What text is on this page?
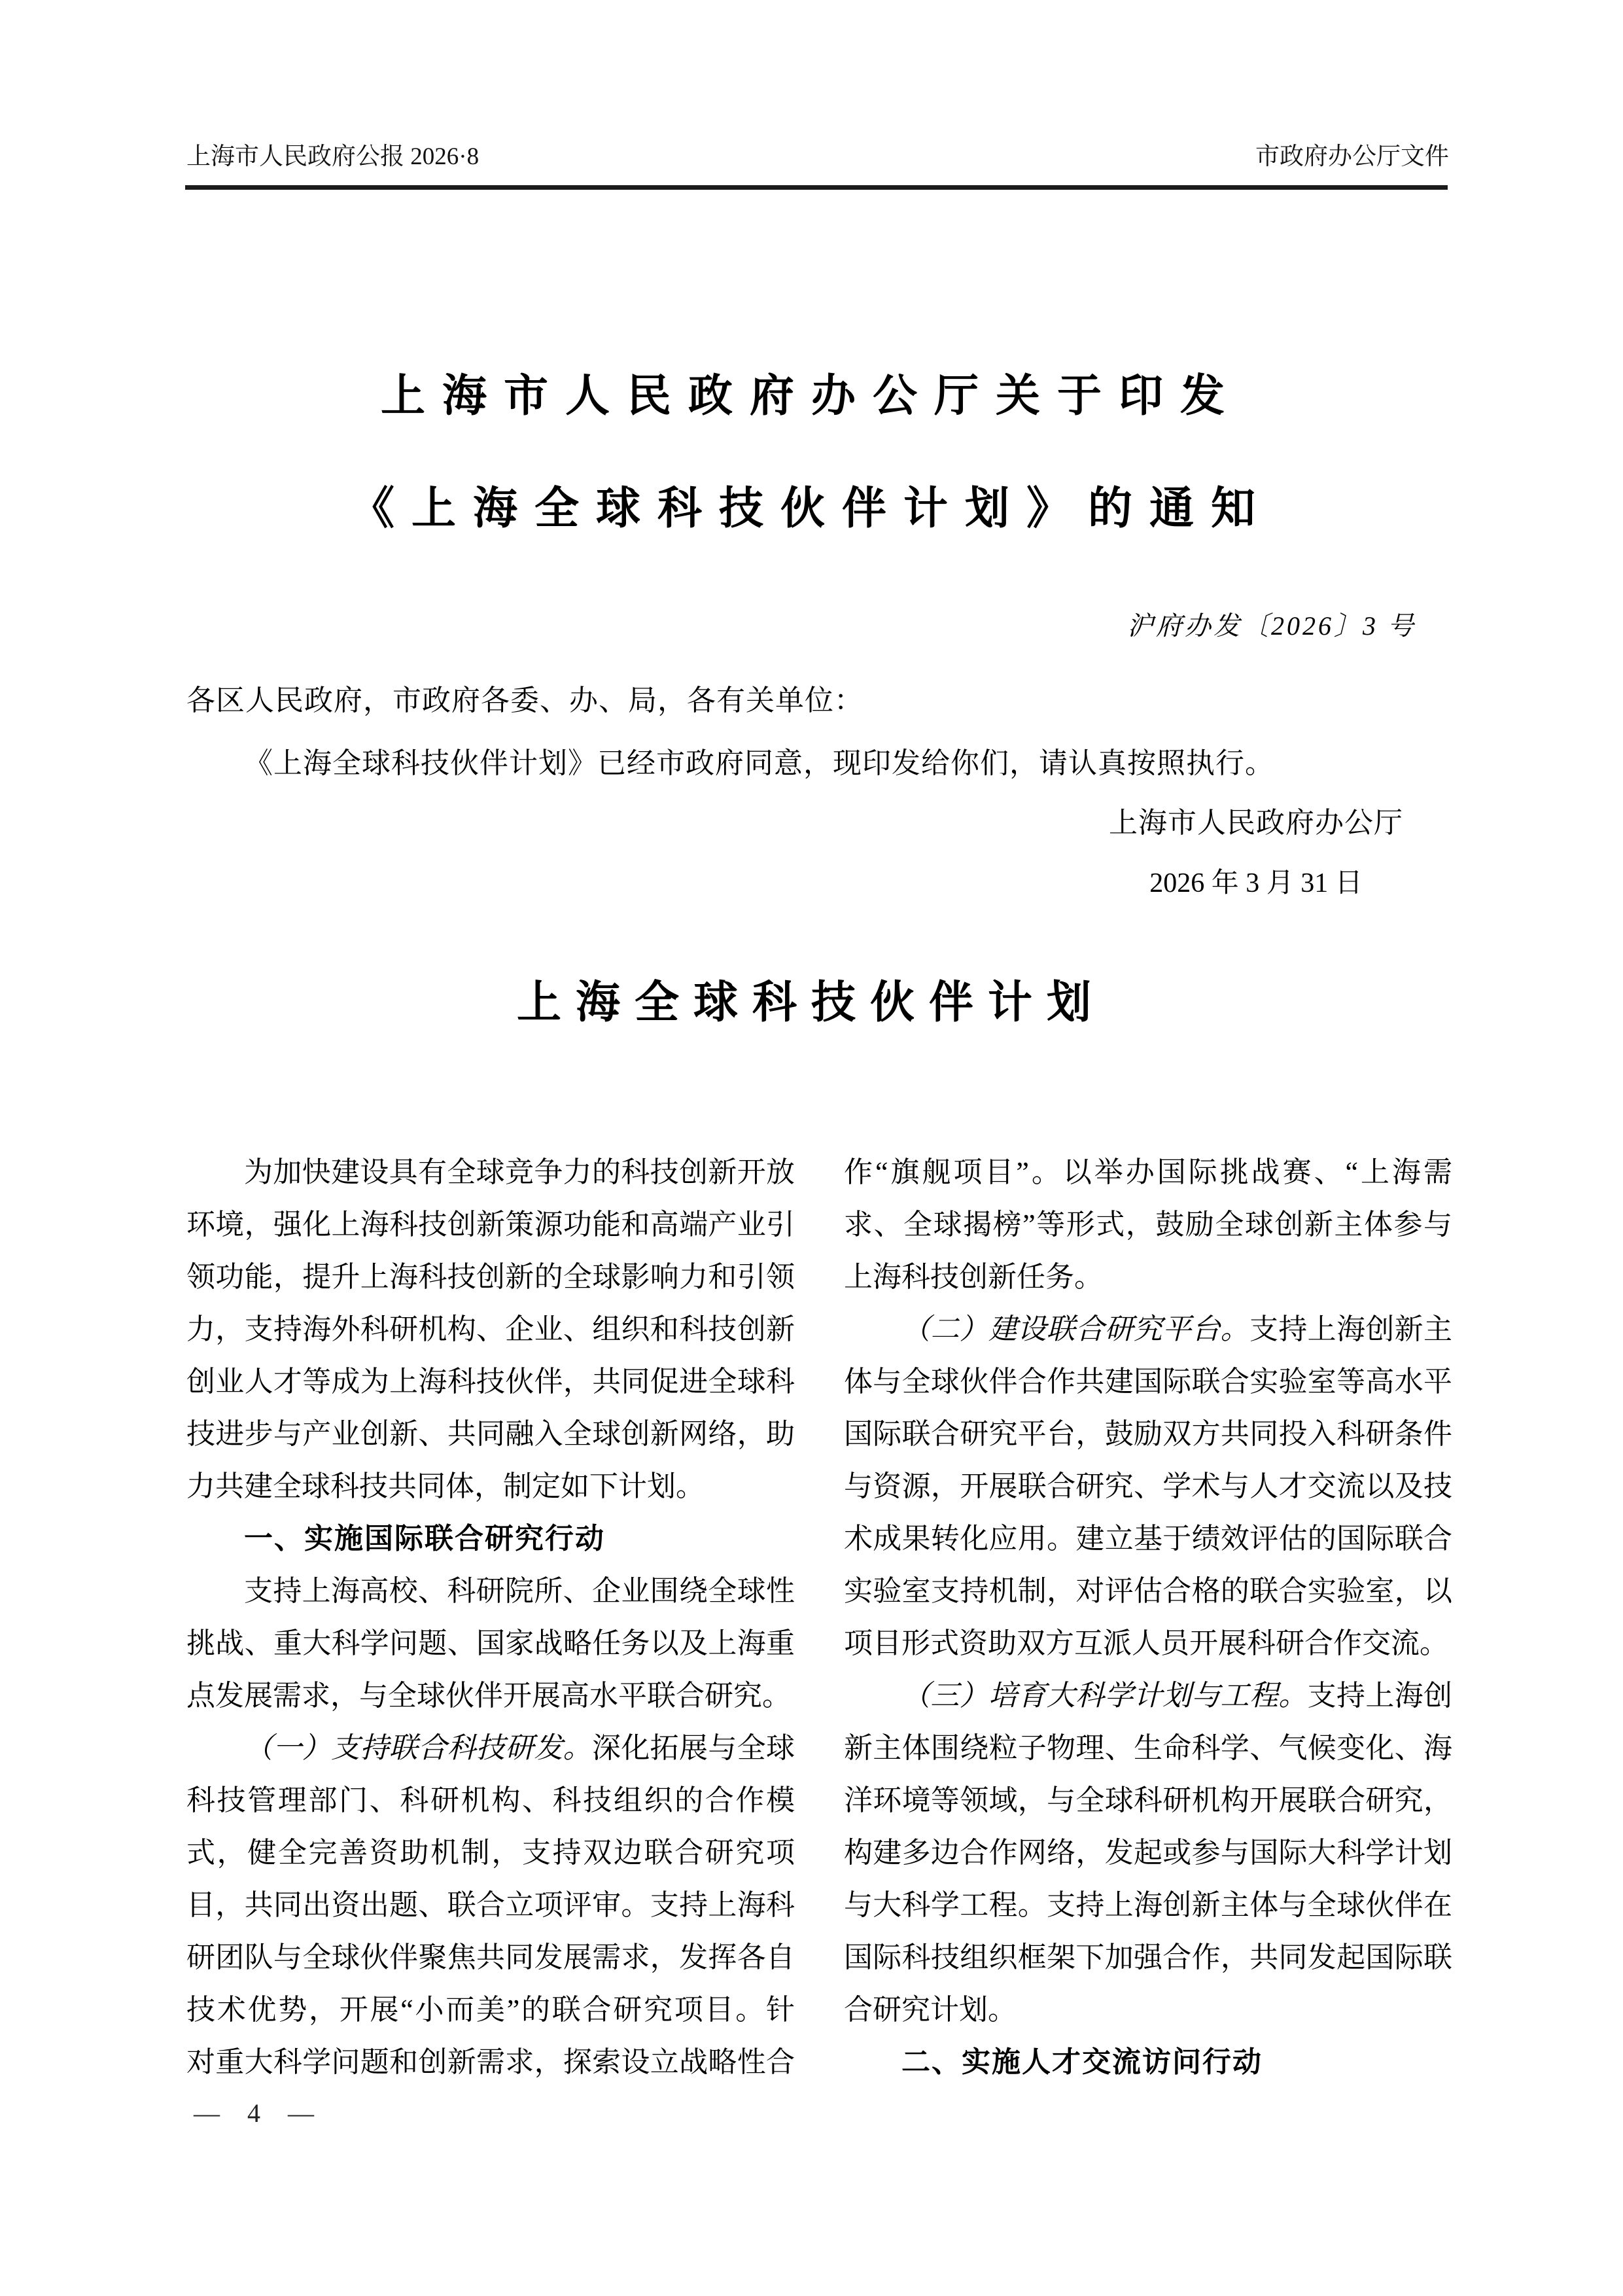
上海市人民政府公报 2026·8	市政府办公厅文件
上海市人民政府办公厅关于印发
《上海全球科技伙伴计划》的通知
沪府办发〔2026〕3 号
各区人民政府，市政府各委、办、局，各有关单位：
《上海全球科技伙伴计划》已经市政府同意，现印发给你们，请认真按照执行。
上海市人民政府办公厅
2026 年 3 月 31 日
上海全球科技伙伴计划
为加快建设具有全球竞争力的科技创新开放
环境，强化上海科技创新策源功能和高端产业引
领功能，提升上海科技创新的全球影响力和引领
力，支持海外科研机构、企业、组织和科技创新
创业人才等成为上海科技伙伴，共同促进全球科
技进步与产业创新、共同融入全球创新网络，助
力共建全球科技共同体，制定如下计划。
一、实施国际联合研究行动
支持上海高校、科研院所、企业围绕全球性
挑战、重大科学问题、国家战略任务以及上海重
点发展需求，与全球伙伴开展高水平联合研究。
（一）支持联合科技研发。深化拓展与全球
科技管理部门、科研机构、科技组织的合作模
式，健全完善资助机制，支持双边联合研究项
目，共同出资出题、联合立项评审。支持上海科
研团队与全球伙伴聚焦共同发展需求，发挥各自
技术优势，开展“小而美”的联合研究项目。针
对重大科学问题和创新需求，探索设立战略性合
作“旗舰项目”。以举办国际挑战赛、“上海需
求、全球揭榜”等形式，鼓励全球创新主体参与
上海科技创新任务。
（二）建设联合研究平台。支持上海创新主
体与全球伙伴合作共建国际联合实验室等高水平
国际联合研究平台，鼓励双方共同投入科研条件
与资源，开展联合研究、学术与人才交流以及技
术成果转化应用。建立基于绩效评估的国际联合
实验室支持机制，对评估合格的联合实验室，以
项目形式资助双方互派人员开展科研合作交流。
（三）培育大科学计划与工程。支持上海创
新主体围绕粒子物理、生命科学、气候变化、海
洋环境等领域，与全球科研机构开展联合研究，
构建多边合作网络，发起或参与国际大科学计划
与大科学工程。支持上海创新主体与全球伙伴在
国际科技组织框架下加强合作，共同发起国际联
合研究计划。
二、实施人才交流访问行动
— 4 —
